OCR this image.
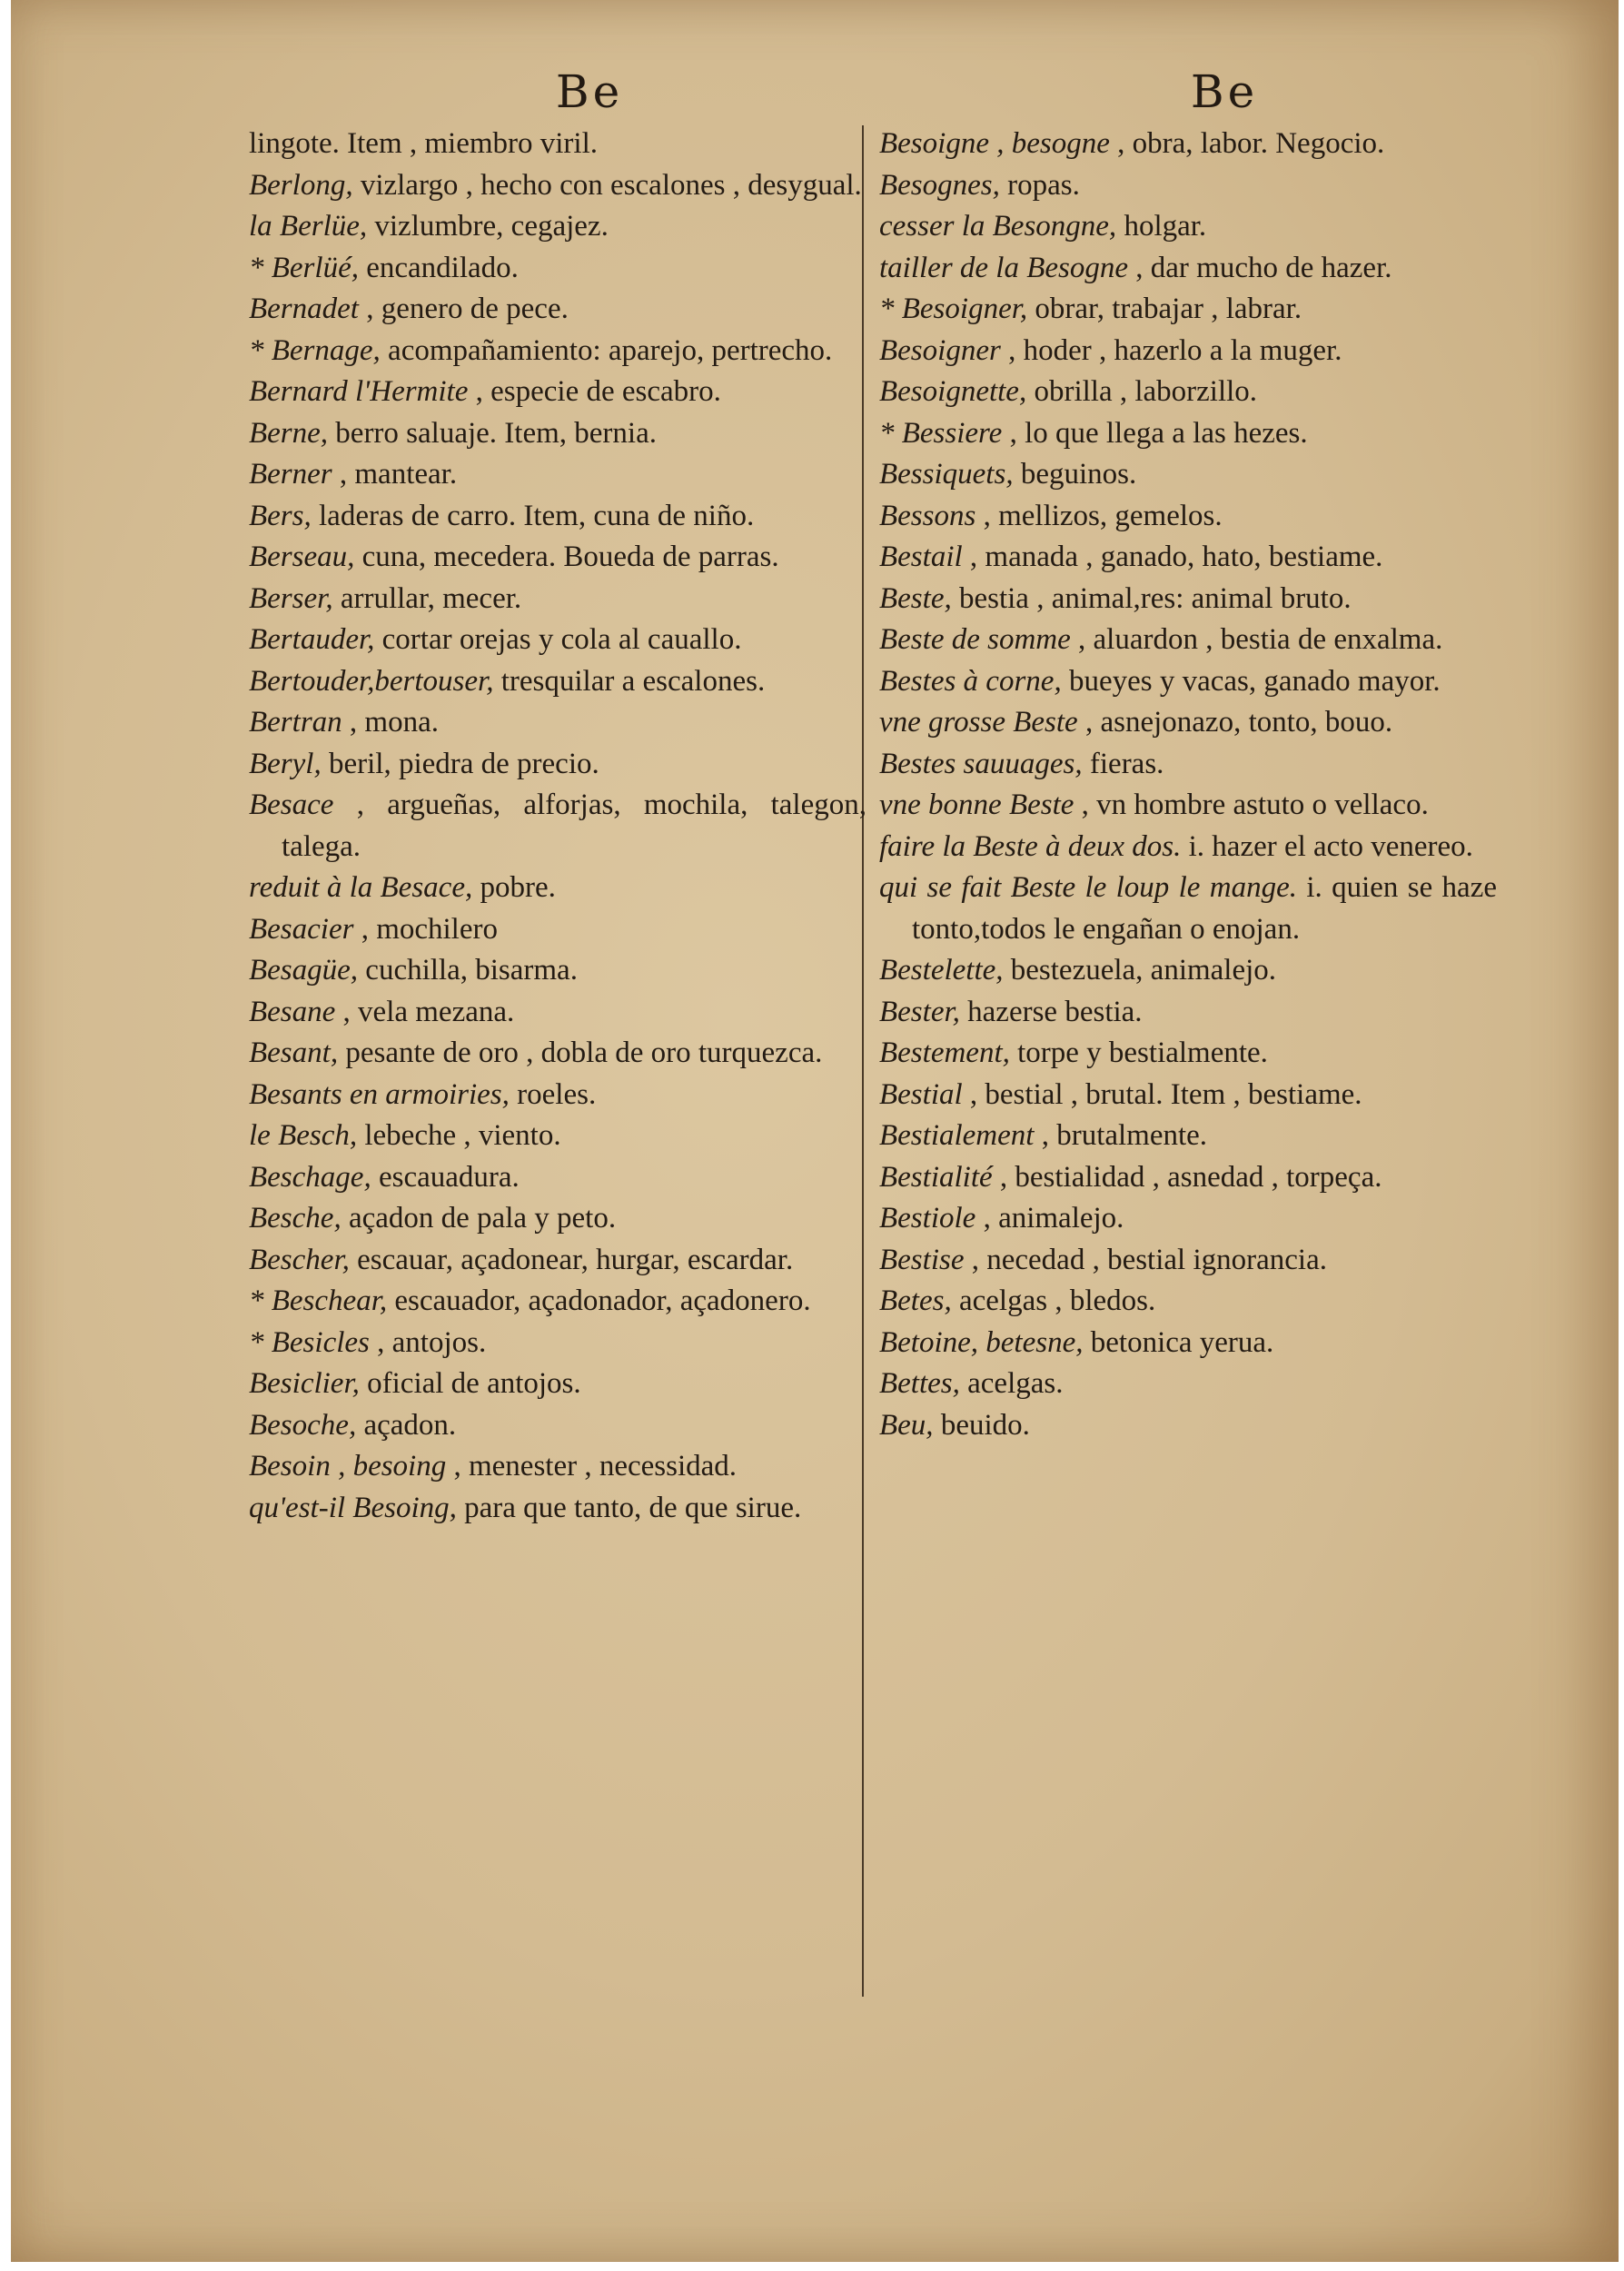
Be
lingote. Item , miembro viril.
Berlong, vizlargo , hecho con escalones , desygual.
la Berlüe, vizlumbre, cegajez.
* Berlüé, encandilado.
Bernadet , genero de pece.
* Bernage, acompañamiento: aparejo, pertrecho.
Bernard l'Hermite , especie de escabro.
Berne, berro saluaje. Item, bernia.
Berner , mantear.
Bers, laderas de carro. Item, cuna de niño.
Berseau, cuna, mecedera. Boueda de parras.
Berser, arrullar, mecer.
Bertauder, cortar orejas y cola al cauallo.
Bertouder,bertouser, tresquilar a escalones.
Bertran , mona.
Beryl, beril, piedra de precio.
Besace , argueñas, alforjas, mochila, talegon, talega.
reduit à la Besace, pobre.
Besacier , mochilero
Besagüe, cuchilla, bisarma.
Besane , vela mezana.
Besant, pesante de oro , dobla de oro turquezca.
Besants en armoiries, roeles.
le Besch, lebeche , viento.
Beschage, escauadura.
Besche, açadon de pala y peto.
Bescher, escauar, açadonear, hurgar, escardar.
* Beschear, escauador, açadonador, açadonero.
* Besicles , antojos.
Besiclier, oficial de antojos.
Besoche, açadon.
Besoin , besoing , menester , necessidad.
qu'est-il Besoing, para que tanto, de que sirue.
Be
Besoigne , besogne , obra, labor. Negocio.
Besognes, ropas.
cesser la Besongne, holgar.
tailler de la Besogne , dar mucho de hazer.
* Besoigner, obrar, trabajar , labrar.
Besoigner , hoder , hazerlo a la muger.
Besoignette, obrilla , laborzillo.
* Bessiere , lo que llega a las hezes.
Bessiquets, beguinos.
Bessons , mellizos, gemelos.
Bestail , manada , ganado, hato, bestiame.
Beste, bestia , animal,res: animal bruto.
Beste de somme , aluardon , bestia de enxalma.
Bestes à corne, bueyes y vacas, ganado mayor.
vne grosse Beste , asnejonazo, tonto, bouo.
Bestes sauuages, fieras.
vne bonne Beste , vn hombre astuto o vellaco.
faire la Beste à deux dos. i. hazer el acto venereo.
qui se fait Beste le loup le mange. i. quien se haze tonto,todos le engañan o enojan.
Bestelette, bestezuela, animalejo.
Bester, hazerse bestia.
Bestement, torpe y bestialmente.
Bestial , bestial , brutal. Item , bestiame.
Bestialement , brutalmente.
Bestialité , bestialidad , asnedad , torpeça.
Bestiole , animalejo.
Bestise , necedad , bestial ignorancia.
Betes, acelgas , bledos.
Betoine, betesne, betonica yerua.
Bettes, acelgas.
Beu, beuido.
